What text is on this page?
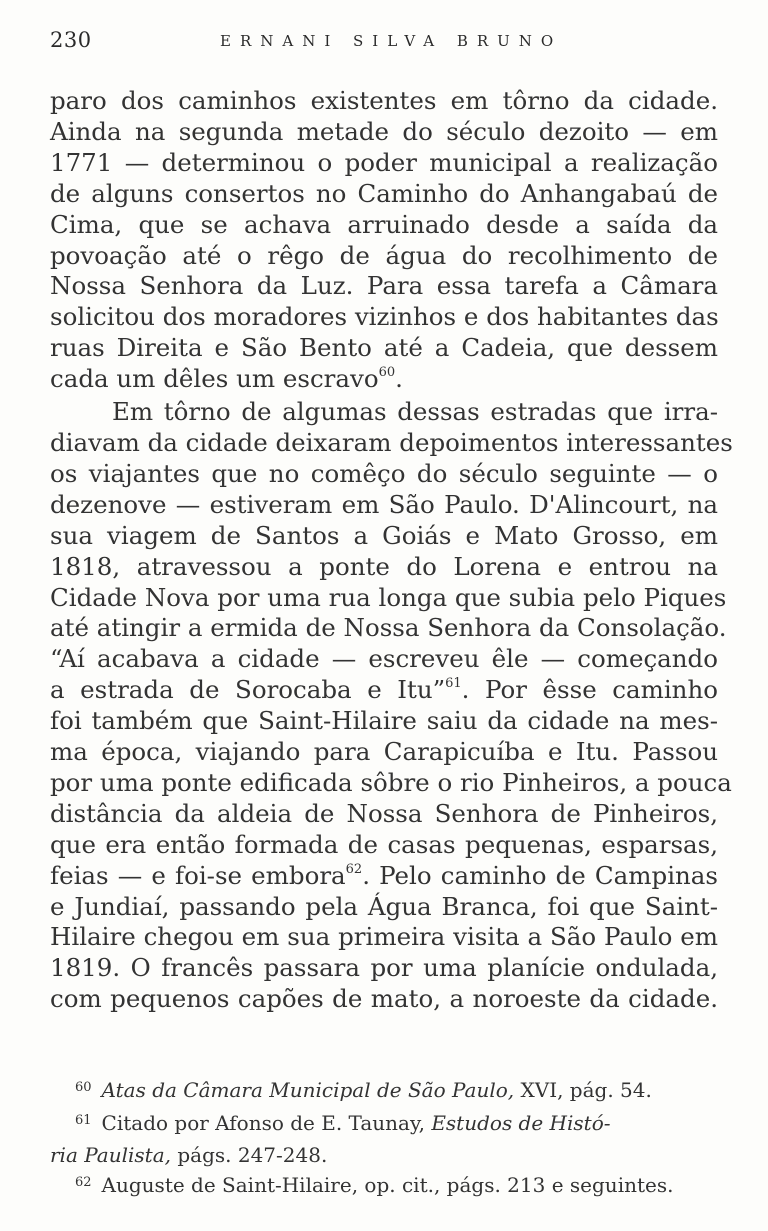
230	ERNANI SILVA BRUNO

paro dos caminhos existentes em tôrno da cidade.
Ainda na segunda metade do século dezoito — em
1771 — determinou o poder municipal a realização
de alguns consertos no Caminho do Anhangabaú de
Cima, que se achava arruinado desde a saída da
povoação até o rêgo de água do recolhimento de
Nossa Senhora da Luz. Para essa tarefa a Câmara
solicitou dos moradores vizinhos e dos habitantes das
ruas Direita e São Bento até a Cadeia, que dessem
cada um dêles um escravo$^{60}$.

Em tôrno de algumas dessas estradas que irra-
diavam da cidade deixaram depoimentos interessantes
os viajantes que no comêço do século seguinte — o
dezenove — estiveram em São Paulo. D'Alincourt, na
sua viagem de Santos a Goiás e Mato Grosso, em
1818, atravessou a ponte do Lorena e entrou na
Cidade Nova por uma rua longa que subia pelo Piques
até atingir a ermida de Nossa Senhora da Consolação.
“Aí acabava a cidade — escreveu êle — começando
a estrada de Sorocaba e Itu”$^{61}$. Por êsse caminho
foi também que Saint-Hilaire saiu da cidade na mes-
ma época, viajando para Carapicuíba e Itu. Passou
por uma ponte edificada sôbre o rio Pinheiros, a pouca
distância da aldeia de Nossa Senhora de Pinheiros,
que era então formada de casas pequenas, esparsas,
feias — e foi-se embora$^{62}$. Pelo caminho de Campinas
e Jundiaí, passando pela Água Branca, foi que Saint-
Hilaire chegou em sua primeira visita a São Paulo em
1819. O francês passara por uma planície ondulada,
com pequenos capões de mato, a noroeste da cidade.

$^{60}$ Atas da Câmara Municipal de São Paulo, XVI, pág. 54.
$^{61}$ Citado por Afonso de E. Taunay, Estudos de Histó-
ria Paulista, págs. 247-248.
$^{62}$ Auguste de Saint-Hilaire, op. cit., págs. 213 e seguintes.
